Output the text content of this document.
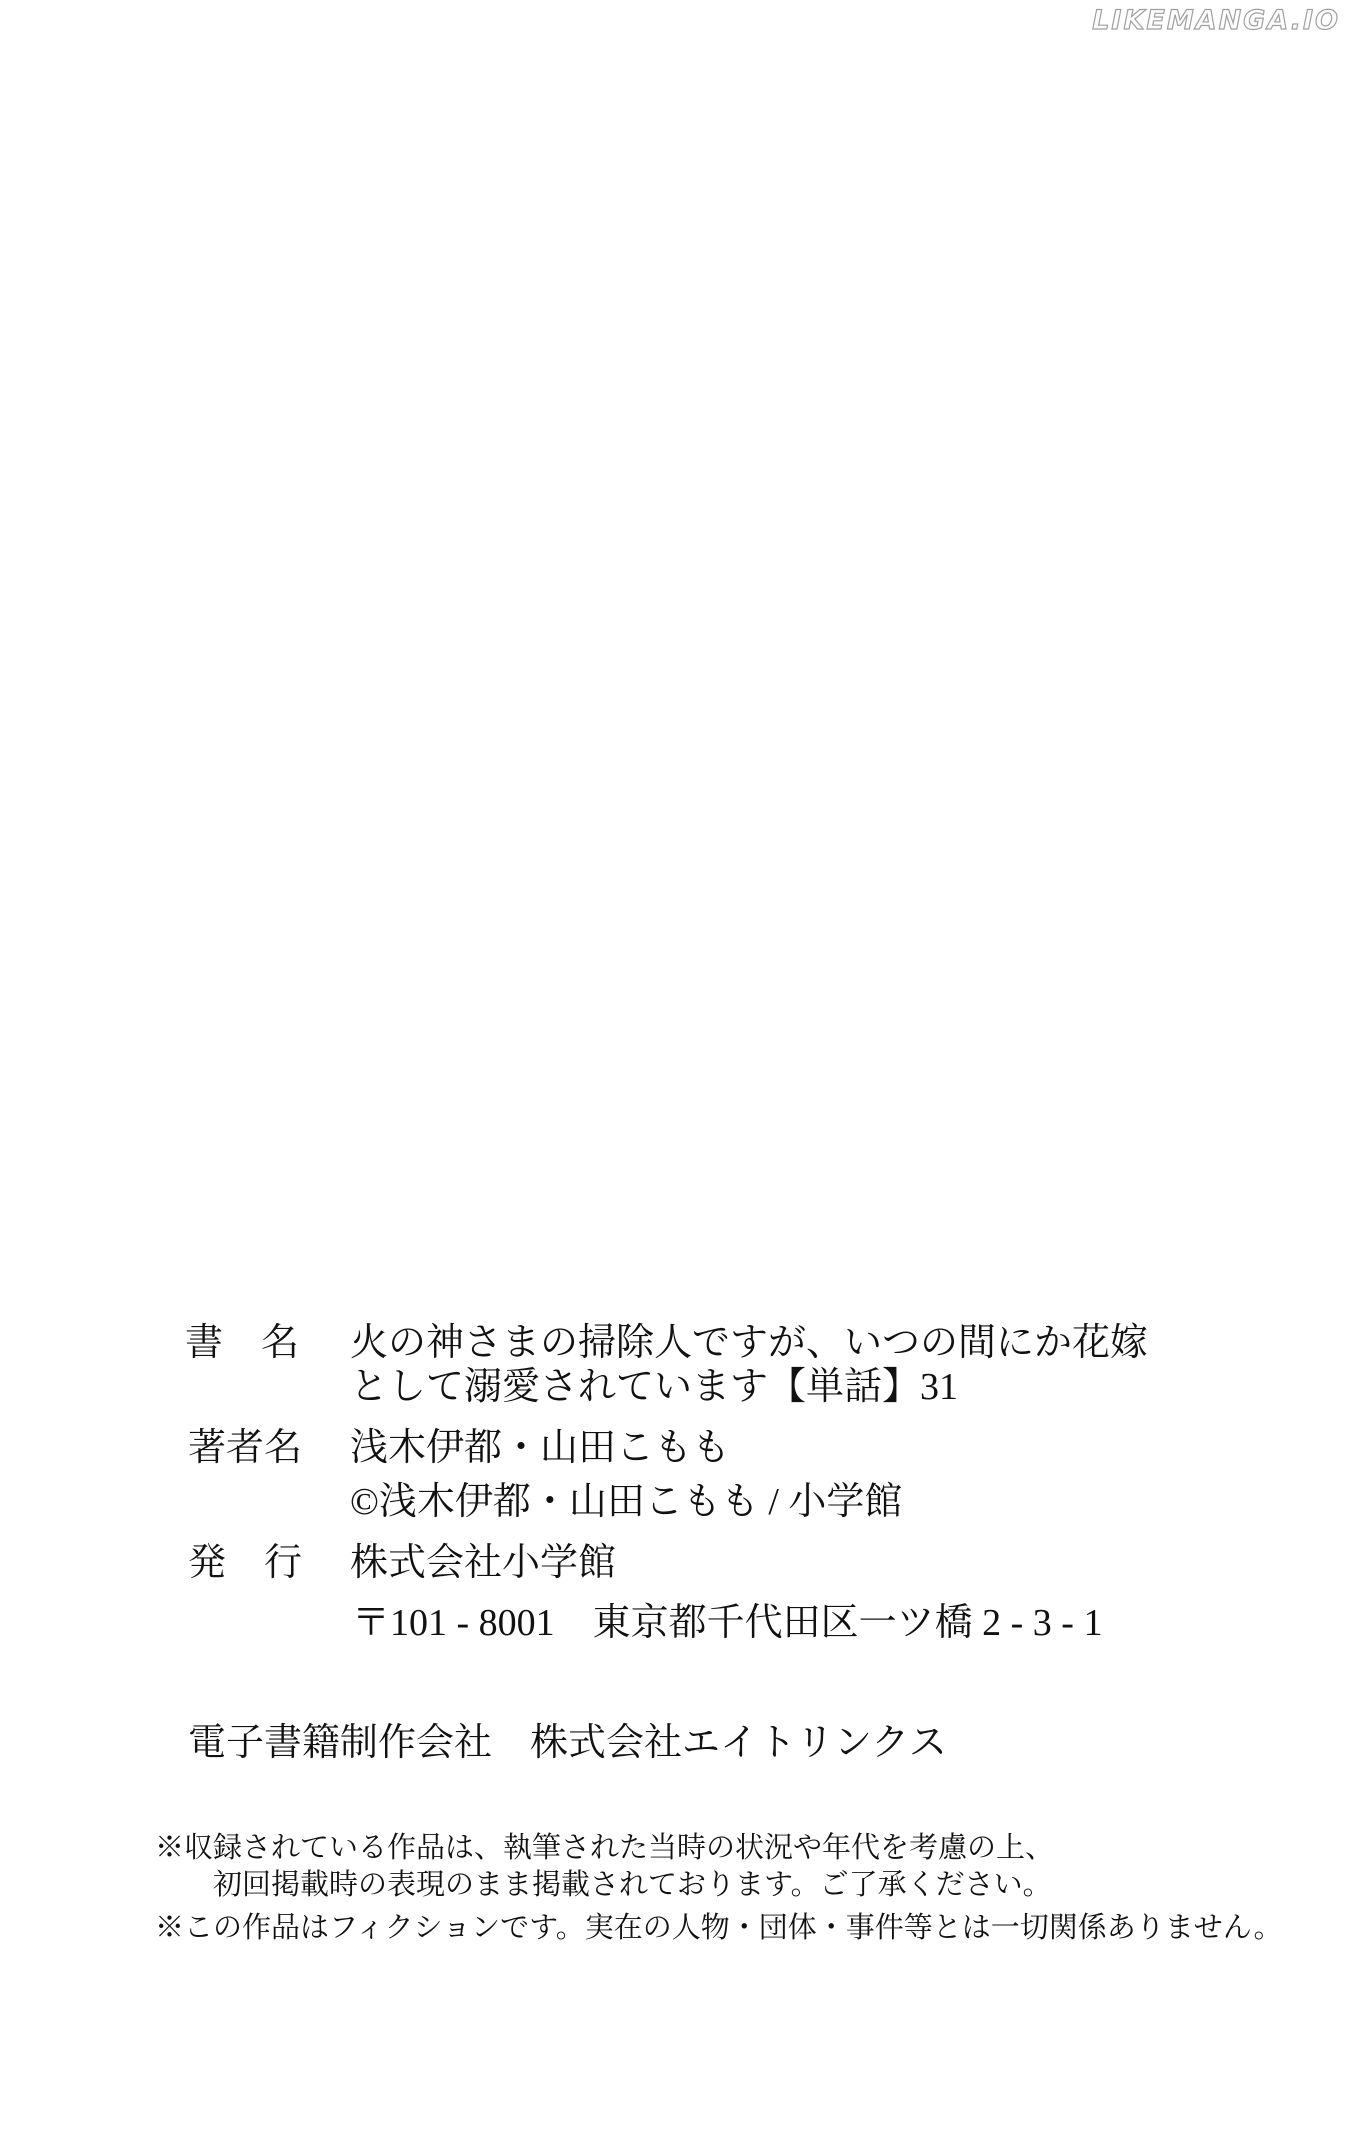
LIKEMANGA.IO
書　名 火の神さまの掃除人ですが、いつの間にか花嫁
として溺愛されています【単話】31
著者名 浅木伊都・山田こもも
©浅木伊都・山田こもも / 小学館
発　行 株式会社小学館
〒101 - 8001　東京都千代田区一ツ橋 2 - 3 - 1
電子書籍制作会社　株式会社エイトリンクス
※収録されている作品は、執筆された当時の状況や年代を考慮の上、
初回掲載時の表現のまま掲載されております。ご了承ください。
※この作品はフィクションです。実在の人物・団体・事件等とは一切関係ありません。
